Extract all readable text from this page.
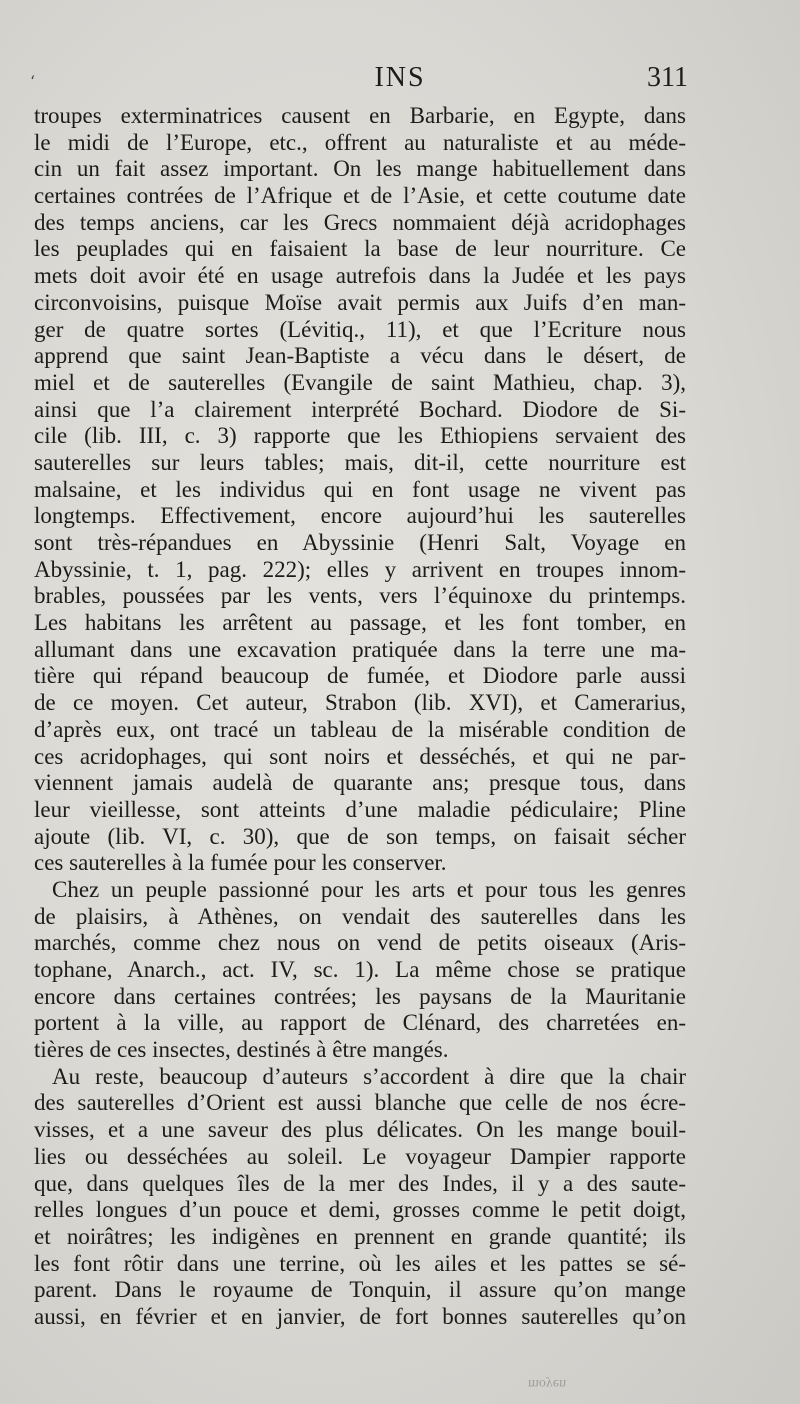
‘	INS	311
troupes exterminatrices causent en Barbarie, en Egypte, dans
le midi de l’Europe, etc., offrent au naturaliste et au méde-
cin un fait assez important. On les mange habituellement dans
certaines contrées de l’Afrique et de l’Asie, et cette coutume date
des temps anciens, car les Grecs nommaient déjà acridophages
les peuplades qui en faisaient la base de leur nourriture. Ce
mets doit avoir été en usage autrefois dans la Judée et les pays
circonvoisins, puisque Moïse avait permis aux Juifs d’en man-
ger de quatre sortes (Lévitiq., 11), et que l’Ecriture nous
apprend que saint Jean-Baptiste a vécu dans le désert, de
miel et de sauterelles (Evangile de saint Mathieu, chap. 3),
ainsi que l’a clairement interprété Bochard. Diodore de Si-
cile (lib. III, c. 3) rapporte que les Ethiopiens servaient des
sauterelles sur leurs tables; mais, dit-il, cette nourriture est
malsaine, et les individus qui en font usage ne vivent pas
longtemps. Effectivement, encore aujourd’hui les sauterelles
sont très-répandues en Abyssinie (Henri Salt, Voyage en
Abyssinie, t. 1, pag. 222); elles y arrivent en troupes innom-
brables, poussées par les vents, vers l’équinoxe du printemps.
Les habitans les arrêtent au passage, et les font tomber, en
allumant dans une excavation pratiquée dans la terre une ma-
tière qui répand beaucoup de fumée, et Diodore parle aussi
de ce moyen. Cet auteur, Strabon (lib. XVI), et Camerarius,
d’après eux, ont tracé un tableau de la misérable condition de
ces acridophages, qui sont noirs et desséchés, et qui ne par-
viennent jamais audelà de quarante ans; presque tous, dans
leur vieillesse, sont atteints d’une maladie pédiculaire; Pline
ajoute (lib. VI, c. 30), que de son temps, on faisait sécher
ces sauterelles à la fumée pour les conserver.
Chez un peuple passionné pour les arts et pour tous les genres
de plaisirs, à Athènes, on vendait des sauterelles dans les
marchés, comme chez nous on vend de petits oiseaux (Aris-
tophane, Anarch., act. IV, sc. 1). La même chose se pratique
encore dans certaines contrées; les paysans de la Mauritanie
portent à la ville, au rapport de Clénard, des charretées en-
tières de ces insectes, destinés à être mangés.
Au reste, beaucoup d’auteurs s’accordent à dire que la chair
des sauterelles d’Orient est aussi blanche que celle de nos écre-
visses, et a une saveur des plus délicates. On les mange bouil-
lies ou desséchées au soleil. Le voyageur Dampier rapporte
que, dans quelques îles de la mer des Indes, il y a des saute-
relles longues d’un pouce et demi, grosses comme le petit doigt,
et noirâtres; les indigènes en prennent en grande quantité; ils
les font rôtir dans une terrine, où les ailes et les pattes se sé-
parent. Dans le royaume de Tonquin, il assure qu’on mange
aussi, en février et en janvier, de fort bonnes sauterelles qu’on
moyen
